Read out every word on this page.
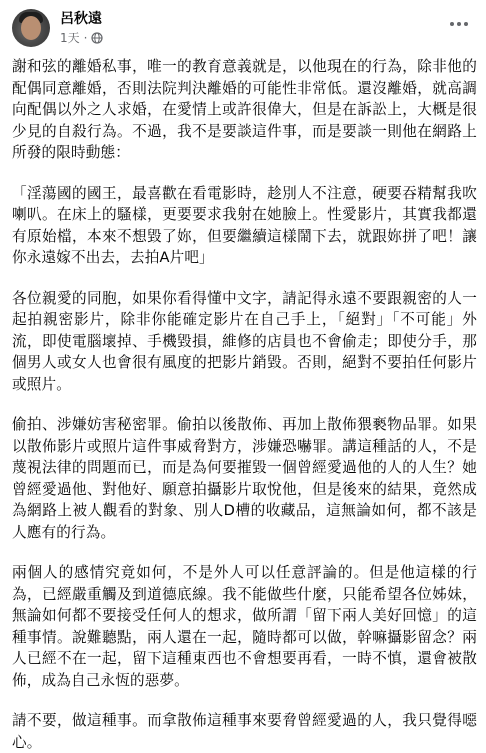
呂秋遠
1天 ·

謝和弦的離婚私事，唯一的教育意義就是，以他現在的行為，除非他的配偶同意離婚，否則法院判決離婚的可能性非常低。還沒離婚，就高調向配偶以外之人求婚，在愛情上或許很偉大，但是在訴訟上，大概是很少見的自殺行為。不過，我不是要談這件事，而是要談一則他在網路上所發的限時動態：

「淫蕩國的國王，最喜歡在看電影時，趁別人不注意，硬要吞精幫我吹喇叭。在床上的騷樣，更要要求我射在她臉上。性愛影片，其實我都還有原始檔，本來不想毀了妳，但要繼續這樣鬧下去，就跟妳拼了吧！讓你永遠嫁不出去，去拍A片吧」

各位親愛的同胞，如果你看得懂中文字，請記得永遠不要跟親密的人一起拍親密影片，除非你能確定影片在自己手上，「絕對」「不可能」外流，即使電腦壞掉、手機毀損，維修的店員也不會偷走；即使分手，那個男人或女人也會很有風度的把影片銷毀。否則，絕對不要拍任何影片或照片。

偷拍、涉嫌妨害秘密罪。偷拍以後散佈、再加上散佈猥褻物品罪。如果以散佈影片或照片這件事威脅對方，涉嫌恐嚇罪。講這種話的人，不是蔑視法律的問題而已，而是為何要摧毀一個曾經愛過他的人的人生？她曾經愛過他、對他好、願意拍攝影片取悅他，但是後來的結果，竟然成為網路上被人觀看的對象、別人D槽的收藏品，這無論如何，都不該是人應有的行為。

兩個人的感情究竟如何，不是外人可以任意評論的。但是他這樣的行為，已經嚴重觸及到道德底線。我不能做些什麼，只能希望各位姊妹，無論如何都不要接受任何人的想求，做所謂「留下兩人美好回憶」的這種事情。說難聽點，兩人還在一起，隨時都可以做，幹嘛攝影留念？兩人已經不在一起，留下這種東西也不會想要再看，一時不慎，還會被散佈，成為自己永恆的惡夢。

請不要，做這種事。而拿散佈這種事來要脅曾經愛過的人，我只覺得噁心。
